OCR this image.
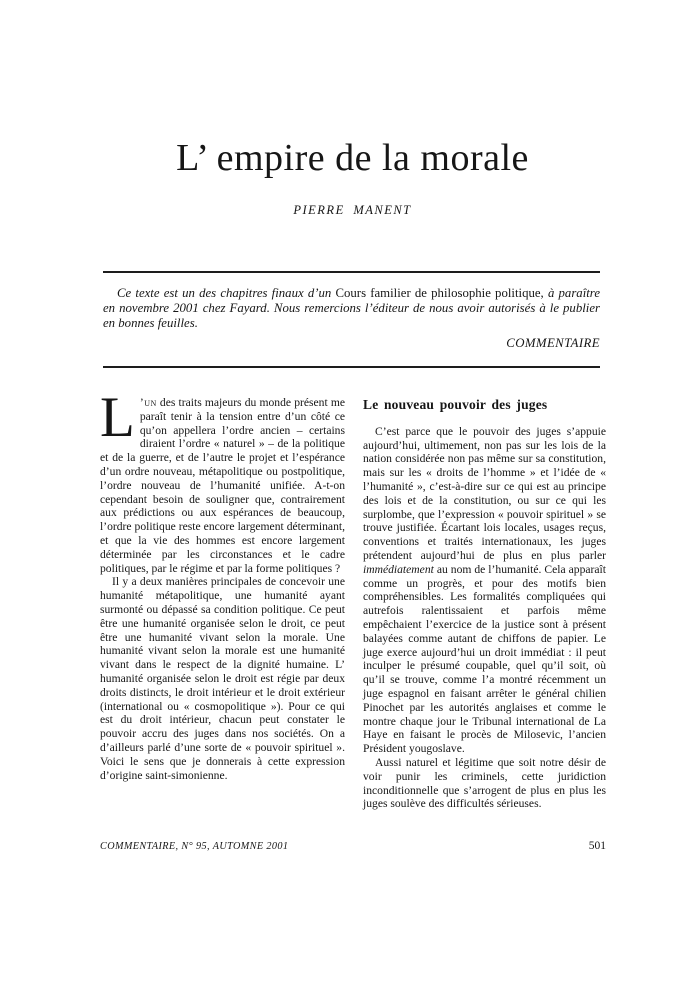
L’ empire de la morale
PIERRE MANENT

Ce texte est un des chapitres finaux d’un Cours familier de philosophie politique, à paraître en novembre 2001 chez Fayard. Nous remercions l’éditeur de nous avoir autorisés à le publier en bonnes feuilles.

COMMENTAIRE

L ’un des traits majeurs du monde présent me paraît tenir à la tension entre d’un côté ce qu’on appellera l’ordre ancien – certains diraient l’ordre « naturel » – de la politique et de la guerre, et de l’autre le projet et l’espérance d’un ordre nouveau, métapolitique ou postpolitique, l’ordre nouveau de l’humanité unifiée. A-t-on cependant besoin de souligner que, contrairement aux prédictions ou aux espérances de beaucoup, l’ordre politique reste encore largement déterminant, et que la vie des hommes est encore largement déterminée par les circonstances et le cadre politiques, par le régime et par la forme politiques ?

Il y a deux manières principales de concevoir une humanité métapolitique, une humanité ayant surmonté ou dépassé sa condition politique. Ce peut être une humanité organisée selon le droit, ce peut être une humanité vivant selon la morale. Une humanité vivant selon la morale est une humanité vivant dans le respect de la dignité humaine. L’ humanité organisée selon le droit est régie par deux droits distincts, le droit intérieur et le droit extérieur (international ou « cosmopolitique »). Pour ce qui est du droit intérieur, chacun peut constater le pouvoir accru des juges dans nos sociétés. On a d’ailleurs parlé d’une sorte de « pouvoir spirituel ». Voici le sens que je donnerais à cette expression d’origine saint-simonienne.

Le nouveau pouvoir des juges

C’est parce que le pouvoir des juges s’appuie aujourd’hui, ultimement, non pas sur les lois de la nation considérée non pas même sur sa constitution, mais sur les « droits de l’homme » et l’idée de « l’humanité », c’est-à-dire sur ce qui est au principe des lois et de la constitution, ou sur ce qui les surplombe, que l’expression « pouvoir spirituel » se trouve justifiée. Écartant lois locales, usages reçus, conventions et traités internationaux, les juges prétendent aujourd’hui de plus en plus parler immédiatement au nom de l’humanité. Cela apparaît comme un progrès, et pour des motifs bien compréhensibles. Les formalités compliquées qui autrefois ralentissaient et parfois même empêchaient l’exercice de la justice sont à présent balayées comme autant de chiffons de papier. Le juge exerce aujourd’hui un droit immédiat : il peut inculper le présumé coupable, quel qu’il soit, où qu’il se trouve, comme l’a montré récemment un juge espagnol en faisant arrêter le général chilien Pinochet par les autorités anglaises et comme le montre chaque jour le Tribunal international de La Haye en faisant le procès de Milosevic, l’ancien Président yougoslave.

Aussi naturel et légitime que soit notre désir de voir punir les criminels, cette juridiction inconditionnelle que s’arrogent de plus en plus les juges soulève des difficultés sérieuses.

COMMENTAIRE, N° 95, AUTOMNE 2001	501
